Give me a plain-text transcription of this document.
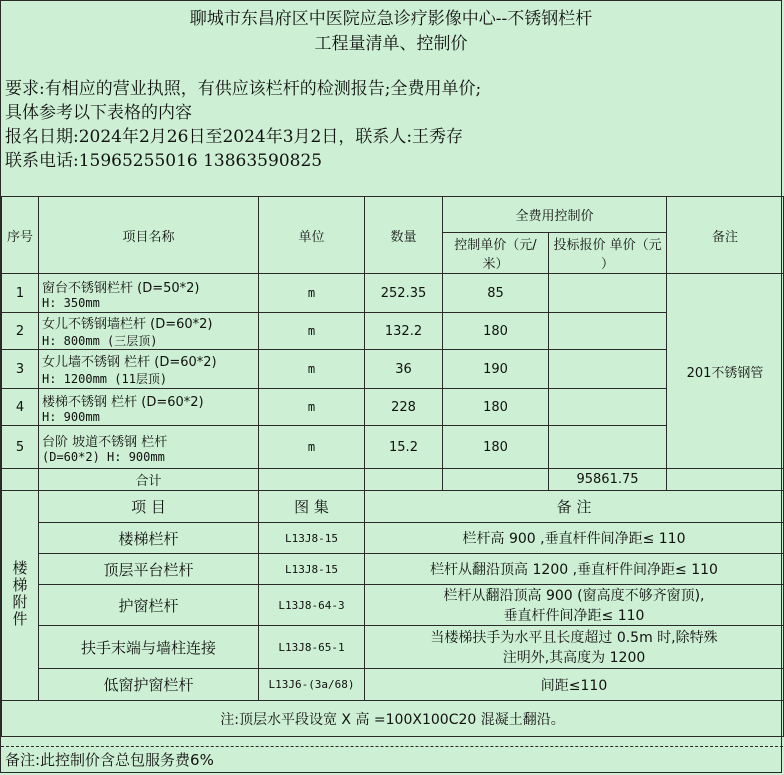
聊城市东昌府区中医院应急诊疗影像中心--不锈钢栏杆
工程量清单、控制价
要求:有相应的营业执照，有供应该栏杆的检测报告;全费用单价;
具体参考以下表格的内容
报名日期:2024年2月26日至2024年3月2日，联系人:王秀存
联系电话:15965255016 13863590825
序号	项目名称	单位	数量	全费用控制价		备注
				控制单价（元/米）	投标报价 单价（元 ）	
1	窗台不锈钢栏杆 (D=50*2)
H: 350mm	m	252.35	85		201不锈钢管
2	女儿不锈钢墙栏杆 (D=60*2)
H: 800mm (三层顶)	m	132.2	180		
3	女儿墙不锈钢 栏杆 (D=60*2)
H: 1200mm (11层顶)	m	36	190		
4	楼梯不锈钢 栏杆 (D=60*2)
H: 900mm	m	228	180		
5	台阶 坡道不锈钢 栏杆
(D=60*2) H: 900mm	m	15.2	180		
	合计				95861.75	
楼梯附件	项 目	图 集	备 注			
	楼梯栏杆	L13J8-15	栏杆高 900 ,垂直杆件间净距≤ 110			
	顶层平台栏杆	L13J8-15	栏杆从翻沿顶高 1200 ,垂直杆件间净距≤ 110			
	护窗栏杆	L13J8-64-3	栏杆从翻沿顶高 900 (窗高度不够齐窗顶),
垂直杆件间净距≤ 110			

	扶手末端与墙柱连接	L13J8-65-1	当楼梯扶手为水平且长度超过 0.5m 时,除特殊
注明外,其高度为 1200			

	低窗护窗栏杆	L13J6-(3a/68)	间距≤110			
注:顶层水平段设宽 X 高 =100X100C20 混凝土翻沿。						
备注:此控制价含总包服务费6%
